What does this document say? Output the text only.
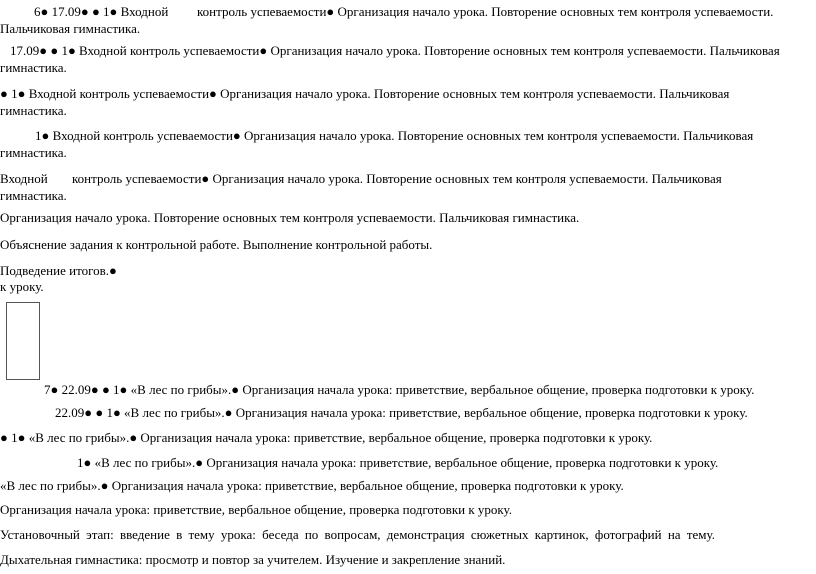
6● 17.09● ● 1● Входной контроль успеваемости● Организация начало урока. Повторение основных тем контроля успеваемости.
Пальчиковая гимнастика.
17.09● ● 1● Входной контроль успеваемости● Организация начало урока. Повторение основных тем контроля успеваемости. Пальчиковая
гимнастика.
● 1● Входной контроль успеваемости● Организация начало урока. Повторение основных тем контроля успеваемости. Пальчиковая
гимнастика.
1● Входной контроль успеваемости● Организация начало урока. Повторение основных тем контроля успеваемости. Пальчиковая
гимнастика.
Входной контроль успеваемости● Организация начало урока. Повторение основных тем контроля успеваемости. Пальчиковая
гимнастика.
Организация начало урока. Повторение основных тем контроля успеваемости. Пальчиковая гимнастика.
Объяснение задания к контрольной работе. Выполнение контрольной работы.
Подведение итогов.●
к уроку.
7● 22.09● ● 1● «В лес по грибы».● Организация начала урока: приветствие, вербальное общение, проверка подготовки к уроку.
22.09● ● 1● «В лес по грибы».● Организация начала урока: приветствие, вербальное общение, проверка подготовки к уроку.
● 1● «В лес по грибы».● Организация начала урока: приветствие, вербальное общение, проверка подготовки к уроку.
1● «В лес по грибы».● Организация начала урока: приветствие, вербальное общение, проверка подготовки к уроку.
«В лес по грибы».● Организация начала урока: приветствие, вербальное общение, проверка подготовки к уроку.
Организация начала урока: приветствие, вербальное общение, проверка подготовки к уроку.
Установочный этап: введение в тему урока: беседа по вопросам, демонстрация сюжетных картинок, фотографий на тему.
Дыхательная гимнастика: просмотр и повтор за учителем. Изучение и закрепление знаний.
